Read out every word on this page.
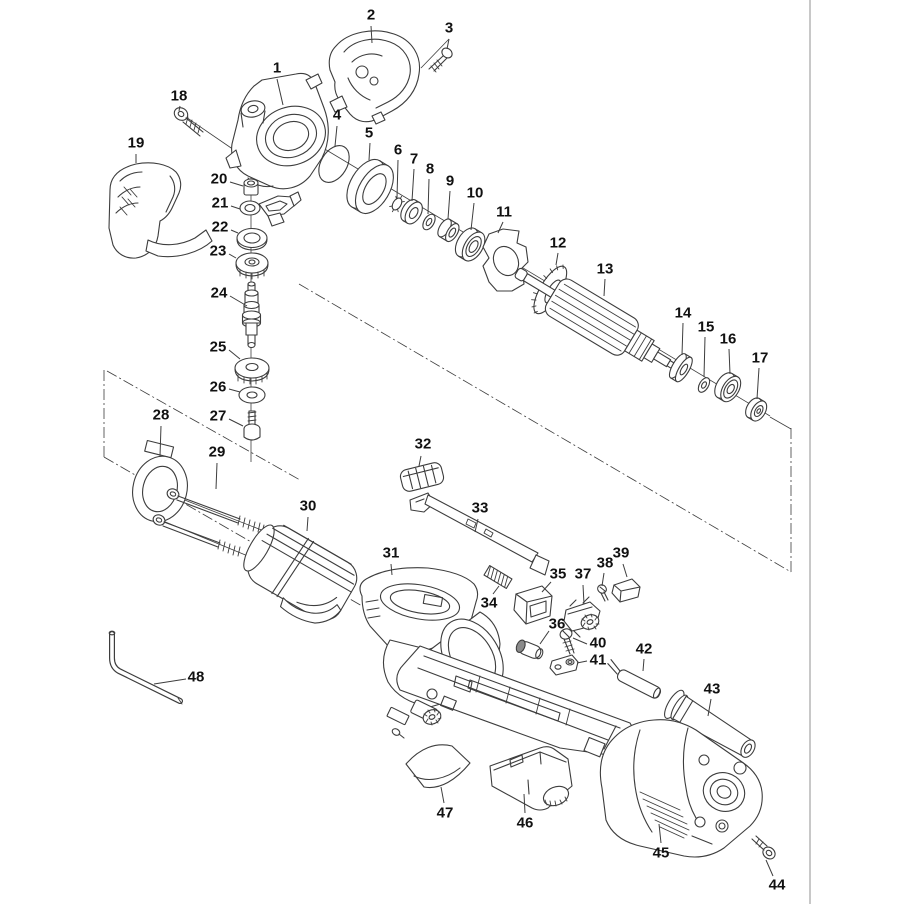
1
2
3
4
5
6
7
8
9
10
11
12
13
14
15
16
17
18
19
20
21
22
23
24
25
26
27
28
29
30
31
32
33
34
35
36
37
38
39
40
41
42
43
44
45
46
47
48
